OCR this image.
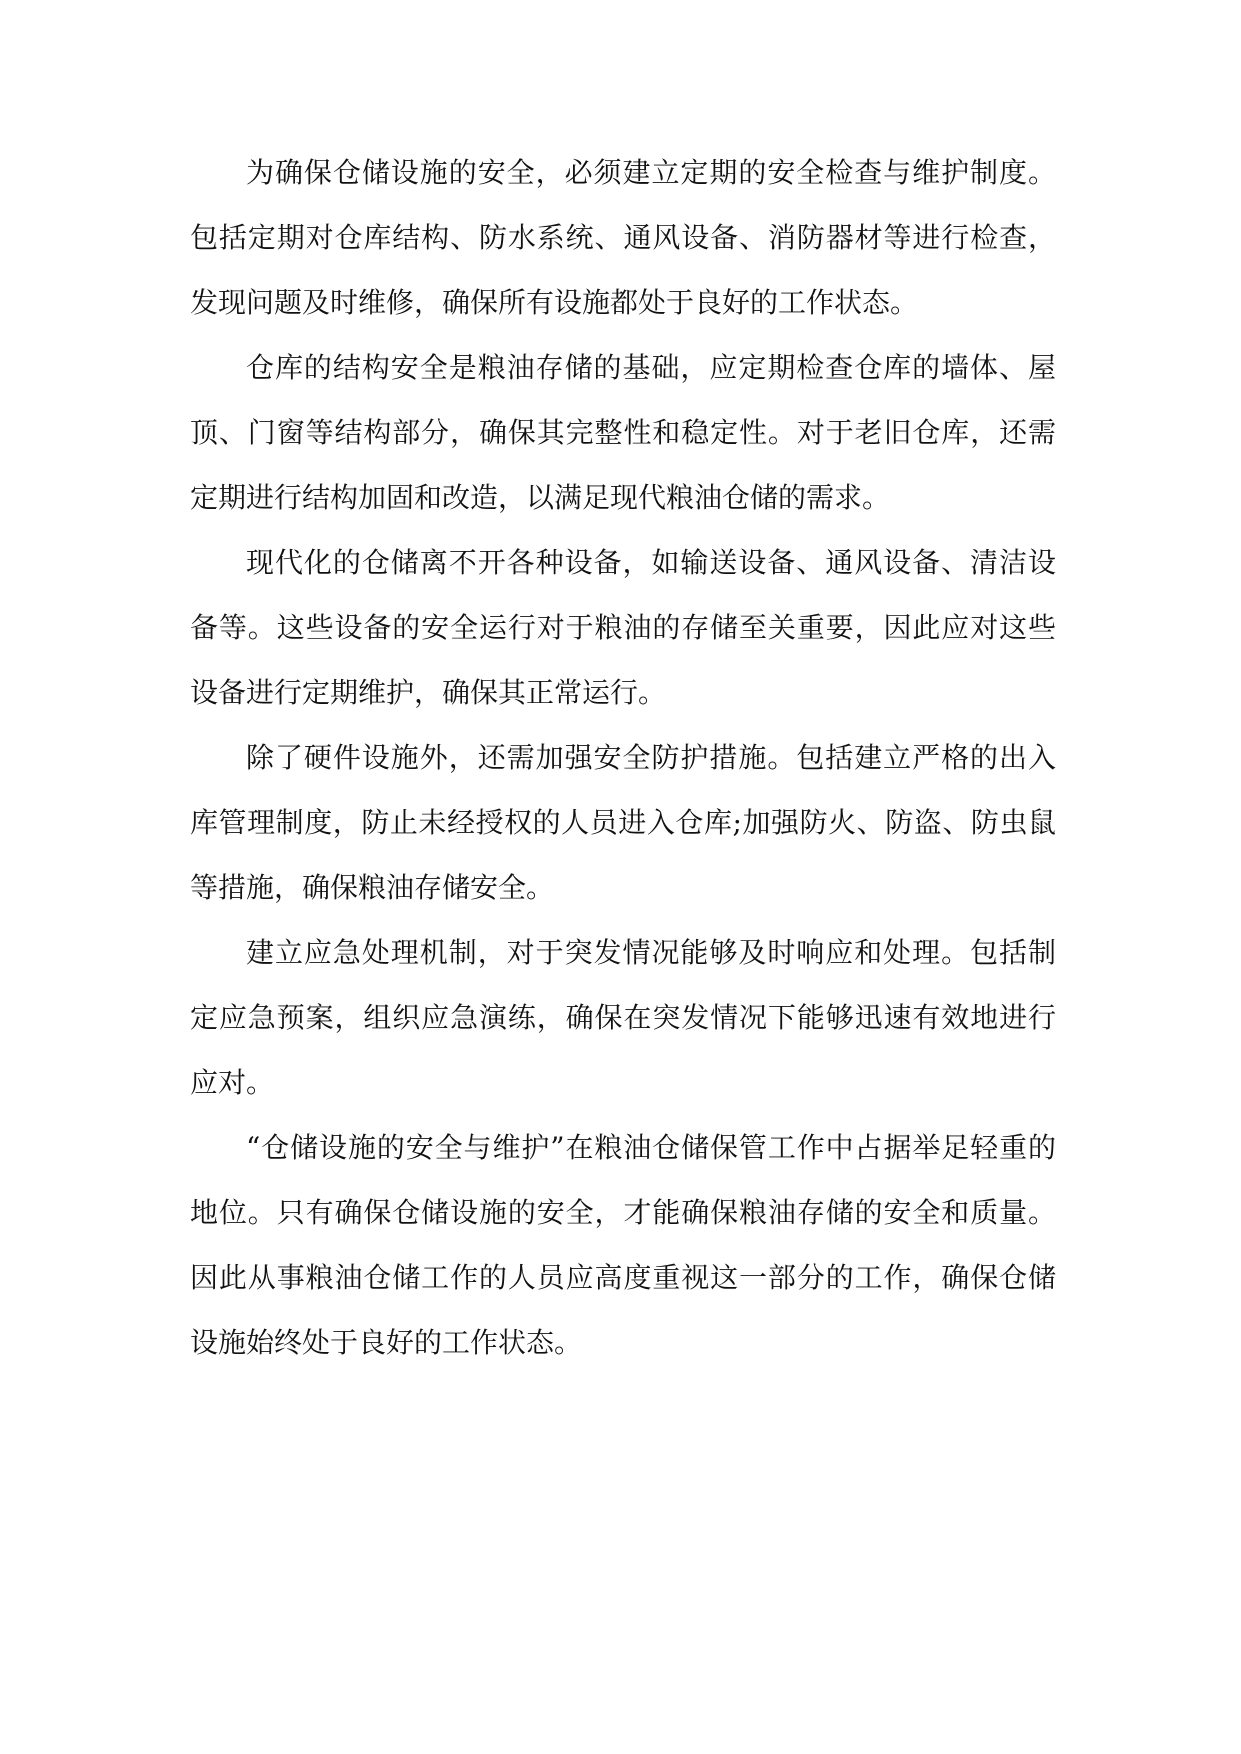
为确保仓储设施的安全，必须建立定期的安全检查与维护制度。包括定期对仓库结构、防水系统、通风设备、消防器材等进行检查，发现问题及时维修，确保所有设施都处于良好的工作状态。

仓库的结构安全是粮油存储的基础，应定期检查仓库的墙体、屋顶、门窗等结构部分，确保其完整性和稳定性。对于老旧仓库，还需定期进行结构加固和改造，以满足现代粮油仓储的需求。

现代化的仓储离不开各种设备，如输送设备、通风设备、清洁设备等。这些设备的安全运行对于粮油的存储至关重要，因此应对这些设备进行定期维护，确保其正常运行。

除了硬件设施外，还需加强安全防护措施。包括建立严格的出入库管理制度，防止未经授权的人员进入仓库;加强防火、防盗、防虫鼠等措施，确保粮油存储安全。

建立应急处理机制，对于突发情况能够及时响应和处理。包括制定应急预案，组织应急演练，确保在突发情况下能够迅速有效地进行应对。

“仓储设施的安全与维护”在粮油仓储保管工作中占据举足轻重的地位。只有确保仓储设施的安全，才能确保粮油存储的安全和质量。因此从事粮油仓储工作的人员应高度重视这一部分的工作，确保仓储设施始终处于良好的工作状态。
